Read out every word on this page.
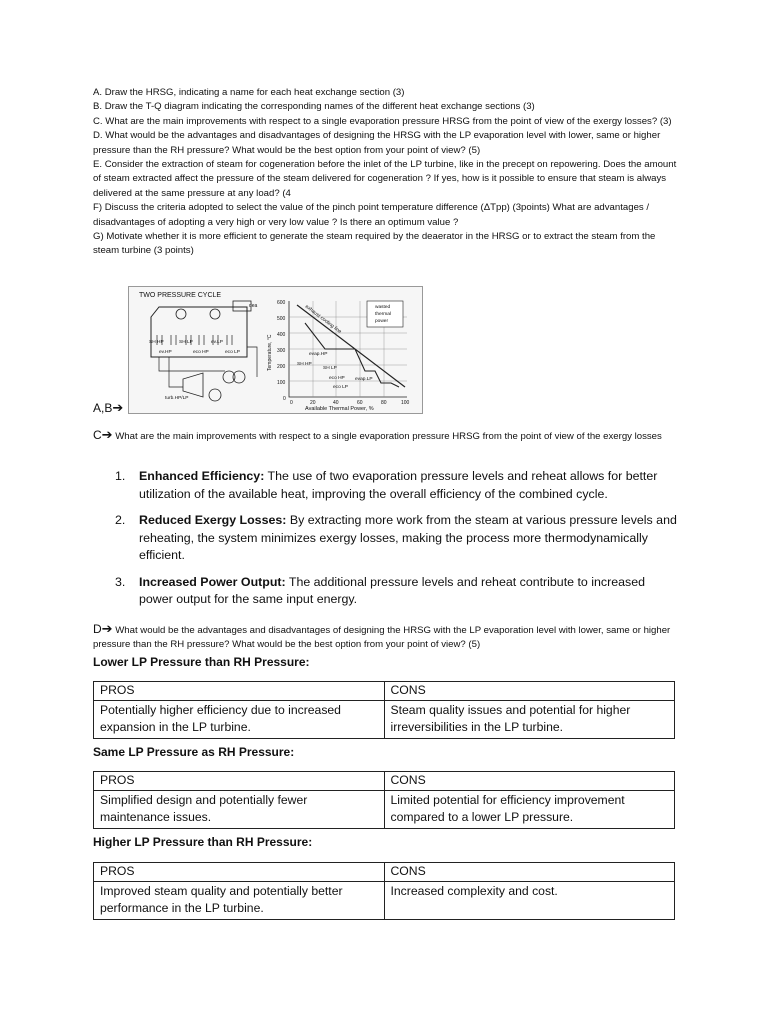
A. Draw the HRSG, indicating a name for each heat exchange section (3)

B. Draw the T-Q diagram indicating the corresponding names of the different heat exchange sections (3)

C. What are the main improvements with respect to a single evaporation pressure HRSG from the point of view of the exergy losses? (3)

D. What would be the advantages and disadvantages of designing the HRSG with the LP evaporation level with lower, same or higher pressure than the RH pressure? What would be the best option from your point of view? (5)

E. Consider the extraction of steam for cogeneration before the inlet of the LP turbine, like in the precept on repowering. Does the amount of steam extracted affect the pressure of the steam delivered for cogeneration ? If yes, how is it possible to ensure that steam is always delivered at the same pressure at any load? (4

F) Discuss the criteria adopted to select the value of the pinch point temperature difference (ΔTpp) (3points) What are advantages / disadvantages of adopting a very high or very low value ? Is there an optimum value ?

G) Motivate whether it is more efficient to generate the steam required by the deaerator in the HRSG or to extract the steam from the steam turbine (3 points)

TWO PRESSURE CYCLE
dea
SH HP	SH LP	ev.LP
ev.HP	eco HP	eco LP
turb.HP/LP
600
500
400
300
200
100
0
0	20	40	60	80	100
Temperature, °C
Available Thermal Power, %
exhaust cooling line	wasted
thermal
power
evap.HP
SH HP
SH LP
eco HP evap.LP
eco LP
A,B➔
C➔ What are the main improvements with respect to a single evaporation pressure HRSG from the point of view of the exergy losses
1. Enhanced Efficiency: The use of two evaporation pressure levels and reheat allows for better utilization of the available heat, improving the overall efficiency of the combined cycle.
2. Reduced Exergy Losses: By extracting more work from the steam at various pressure levels and reheating, the system minimizes exergy losses, making the process more thermodynamically efficient.
3. Increased Power Output: The additional pressure levels and reheat contribute to increased power output for the same input energy.
D➔ What would be the advantages and disadvantages of designing the HRSG with the LP evaporation level with lower, same or higher pressure than the RH pressure? What would be the best option from your point of view? (5)
Lower LP Pressure than RH Pressure:
PROS	CONS
Potentially higher efficiency due to increased expansion in the LP turbine.	Steam quality issues and potential for higher irreversibilities in the LP turbine.
Same LP Pressure as RH Pressure:
PROS	CONS
Simplified design and potentially fewer maintenance issues.	Limited potential for efficiency improvement compared to a lower LP pressure.
Higher LP Pressure than RH Pressure:
PROS	CONS
Improved steam quality and potentially better performance in the LP turbine.	Increased complexity and cost.
